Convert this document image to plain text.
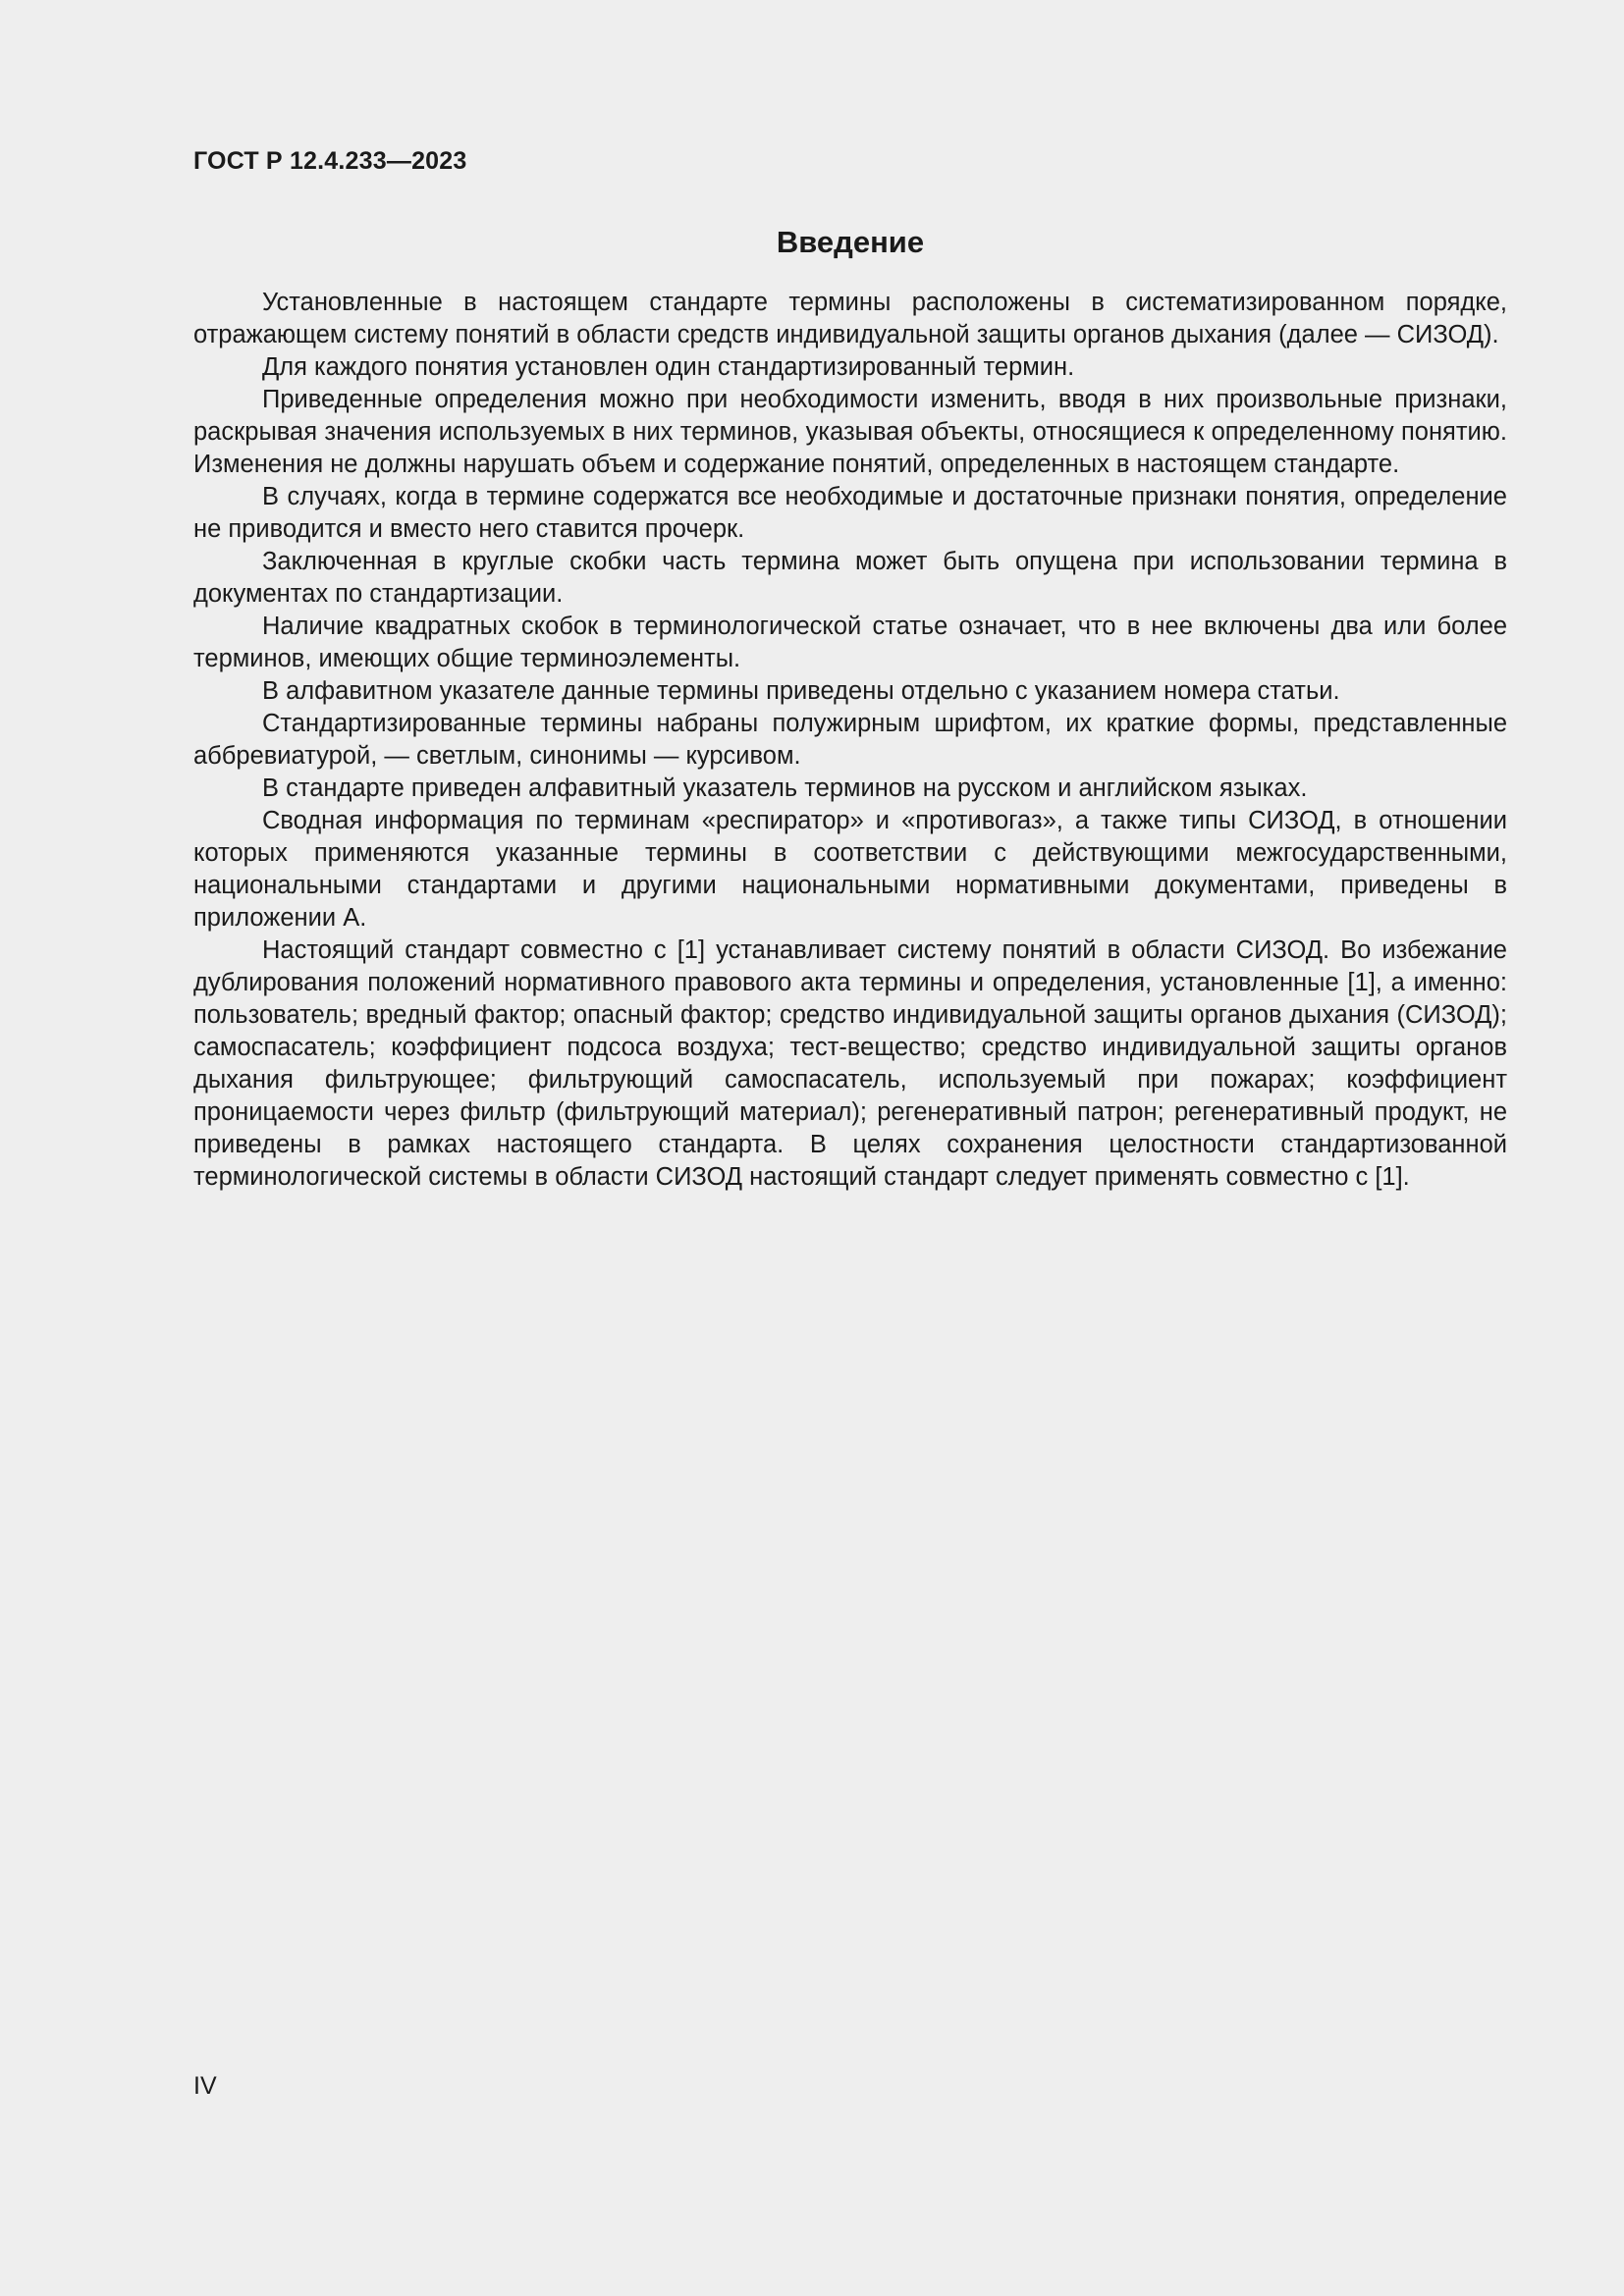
ГОСТ Р 12.4.233—2023
Введение

Установленные в настоящем стандарте термины расположены в систематизированном порядке, отражающем систему понятий в области средств индивидуальной защиты органов дыхания (далее — СИЗОД).

Для каждого понятия установлен один стандартизированный термин.

Приведенные определения можно при необходимости изменить, вводя в них произвольные признаки, раскрывая значения используемых в них терминов, указывая объекты, относящиеся к определенному понятию. Изменения не должны нарушать объем и содержание понятий, определенных в настоящем стандарте.

В случаях, когда в термине содержатся все необходимые и достаточные признаки понятия, определение не приводится и вместо него ставится прочерк.

Заключенная в круглые скобки часть термина может быть опущена при использовании термина в документах по стандартизации.

Наличие квадратных скобок в терминологической статье означает, что в нее включены два или более терминов, имеющих общие терминоэлементы.

В алфавитном указателе данные термины приведены отдельно с указанием номера статьи.

Стандартизированные термины набраны полужирным шрифтом, их краткие формы, представленные аббревиатурой, — светлым, синонимы — курсивом.

В стандарте приведен алфавитный указатель терминов на русском и английском языках.

Сводная информация по терминам «респиратор» и «противогаз», а также типы СИЗОД, в отношении которых применяются указанные термины в соответствии с действующими межгосударственными, национальными стандартами и другими национальными нормативными документами, приведены в приложении А.

Настоящий стандарт совместно с [1] устанавливает систему понятий в области СИЗОД. Во избежание дублирования положений нормативного правового акта термины и определения, установленные [1], а именно: пользователь; вредный фактор; опасный фактор; средство индивидуальной защиты органов дыхания (СИЗОД); самоспасатель; коэффициент подсоса воздуха; тест-вещество; средство индивидуальной защиты органов дыхания фильтрующее; фильтрующий самоспасатель, используемый при пожарах; коэффициент проницаемости через фильтр (фильтрующий материал); регенеративный патрон; регенеративный продукт, не приведены в рамках настоящего стандарта. В целях сохранения целостности стандартизованной терминологической системы в области СИЗОД настоящий стандарт следует применять совместно с [1].

IV
